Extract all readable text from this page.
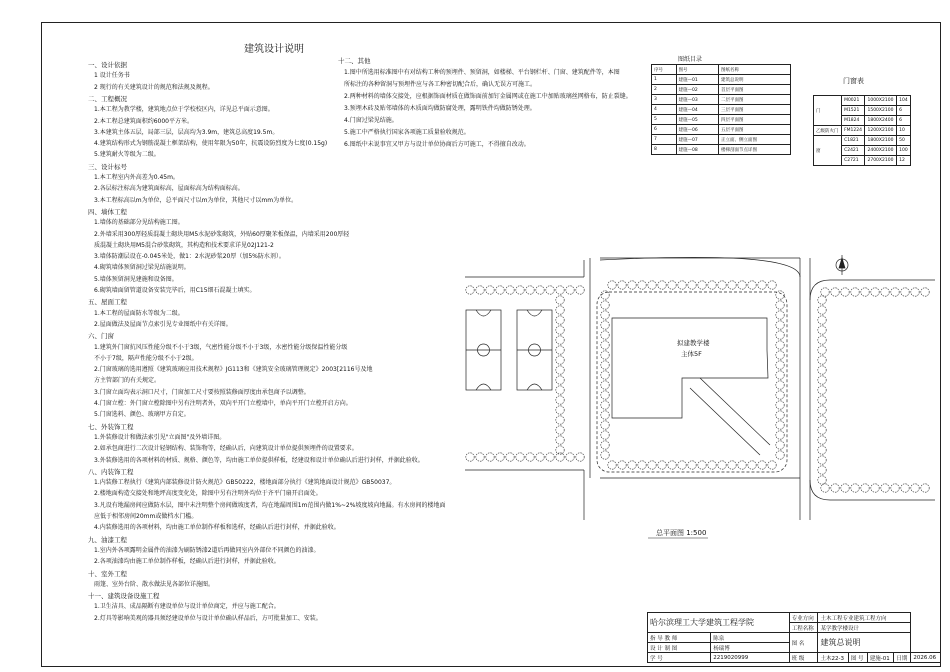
建筑设计说明
一、设计依据
1 设计任务书
2 现行的有关建筑设计的规范和法规及规程。
二、工程概况
1.本工程为教学楼，建筑地点位于学校校区内，详见总平面示意图。
2.本工程总建筑面积约6000平方米。
3.本建筑主体五层，局部三层，层高均为3.9m，建筑总高度19.5m。
4.建筑结构形式为钢筋混凝土框架结构，使用年限为50年，抗震设防烈度为七度(0.15g)
5.建筑耐火等级为二级。
三、设计标号
1.本工程室内外高差为0.45m。
2.各层标注标高为建筑面标高，屋面标高为结构面标高。
3.本工程标高以m为单位，总平面尺寸以m为单位，其他尺寸以mm为单位。
四、墙体工程
1.墙体的基础部分见结构施工图。
2.外墙采用300厚轻质混凝土砌块用M5水泥砂浆砌筑，外贴60厚聚苯板保温，内墙采用200厚轻
质混凝土砌块用M5混合砂浆砌筑，其构造和技术要求详见02J121-2
3.墙体防潮层设在-0.045米处，做1：2水泥砂浆20厚（加5%防水剂）。
4.砌筑墙体预留洞过梁见结施说明。
5.墙体预留洞见建施和设备图。
6.砌筑墙面留管道设备安装完毕后，用C15细石混凝土填实。
五、屋面工程
1.本工程的屋面防水等级为二级。
2.屋面做法及屋面节点索引见专业图纸中有关详图。
六、门窗
1.建筑外门窗抗风压性能分级不小于3级，气密性能分级不小于3级，水密性能分级保温性能分级
不小于7级，隔声性能分级不小于2级。
2.门窗玻璃的选用遵照《建筑玻璃应用技术规程》JG113和《建筑安全玻璃管理规定》2003[2116号及地
方主管部门的有关规定。
3.门窗立面均表示洞口尺寸，门窗加工尺寸要按照装修面厚度由承包商予以调整。
4.门窗立樘：外门窗立樘除图中另有注明者外，双向平开门立樘墙中，单向平开门立樘开启方向。
5.门窗选料、颜色、玻璃甲方自定。
七、外装饰工程
1.外装修设计和做法索引见"立面图"及外墙详图。
2.如承包商进行二次设计轻钢结构、装饰物等，经确认后，向建筑设计单位提供预埋件的设置要求。
3.外装修选用的各项材料的材质、规格、颜色等，均由施工单位提供样板，经建设和设计单位确认后进行封样，并据此验收。
八、内装饰工程
1.内装修工程执行《建筑内部装修设计防火规范》GB50222，楼地面部分执行《建筑地面设计规范》GB50037。
2.楼地面构造交接处和地坪高度变化处，除图中另有注明外均位于齐平门扇开启面处。
3.凡设有地漏房间应做防水层，图中未注明整个房间做坡度者，均在地漏周围1m范围内做1%~2%坡度坡向地漏。有水房间的楼地面
应低于相邻房间20mm或做档水门槛。
4.内装修选用的各项材料，均由施工单位制作样板和选样，经确认后进行封样，并据此验收。
九、油漆工程
1.室内外各项露明金属件的油漆为刷防锈漆2道后再做同室内外部位不同颜色的油漆。
2.各项油漆均由施工单位制作样板，经确认后进行封样，并据此验收。
十、室外工程
雨篷、室外台阶、散水做法见各部位详施图。
十一、建筑设备设施工程
1.卫生洁具、成品隔断有建设单位与设计单位商定，并应与施工配合。
2.灯具等影响美观的器具须经建设单位与设计单位确认样品后，方可批量加工、安装。
十二、其他
1.图中所选用标准图中有对结构工种的预埋件、预留洞，如楼梯、平台钢栏杆、门窗、建筑配件等，本图
所标注的各种留洞与预埋件应与各工种密切配合后，确认无误方可施工。
2.两种材料的墙体交接处，应根据饰面材质在做饰面前加钉金属网或在施工中加贴玻璃丝网格布，防止裂缝。
3.预埋木砖及贴邻墙体的木质面均做防腐处理，露明铁件均做防锈处理。
4.门窗过梁见结施。
5.施工中严格执行国家各项施工质量验收规范。
6.图纸中未说事宜又甲方与设计单位协商后方可施工，不得擅自改动。
图纸目录
序号	图号	图纸名称
1	建施—01	建筑总说明
2	建施—02	首层平面图
3	建施—03	二层平面图
4	建施—04	三层平面图
5	建施—05	四层平面图
6	建施—06	五层平面图
7	建施—07	正立面、侧立面图
8	建施—08	楼梯剖面节点详图
门窗表
门	M0021	1000X2100	104
	M1521	1500X2100	6
	M1824	1800X2400	6
乙级防火门	FM1224	1200X2100	10
窗	C1821	1800X2100	50
	C2421	2400X2100	100
	C2721	2700X2100	12
拟建教学楼
主体5F
总平面图 1:500
哈尔滨理工大学建筑工程学院		专业方向	土木工程专业建筑工程方向				
		工程名称	某学教学楼设计				
指 导 教 师	陈泉	图 名	建筑总说明				
设 计 制 图	杨瑞博						
学 号	2219020999	班 级	土木22-3	图 号	建施-01	日期	2026.06
